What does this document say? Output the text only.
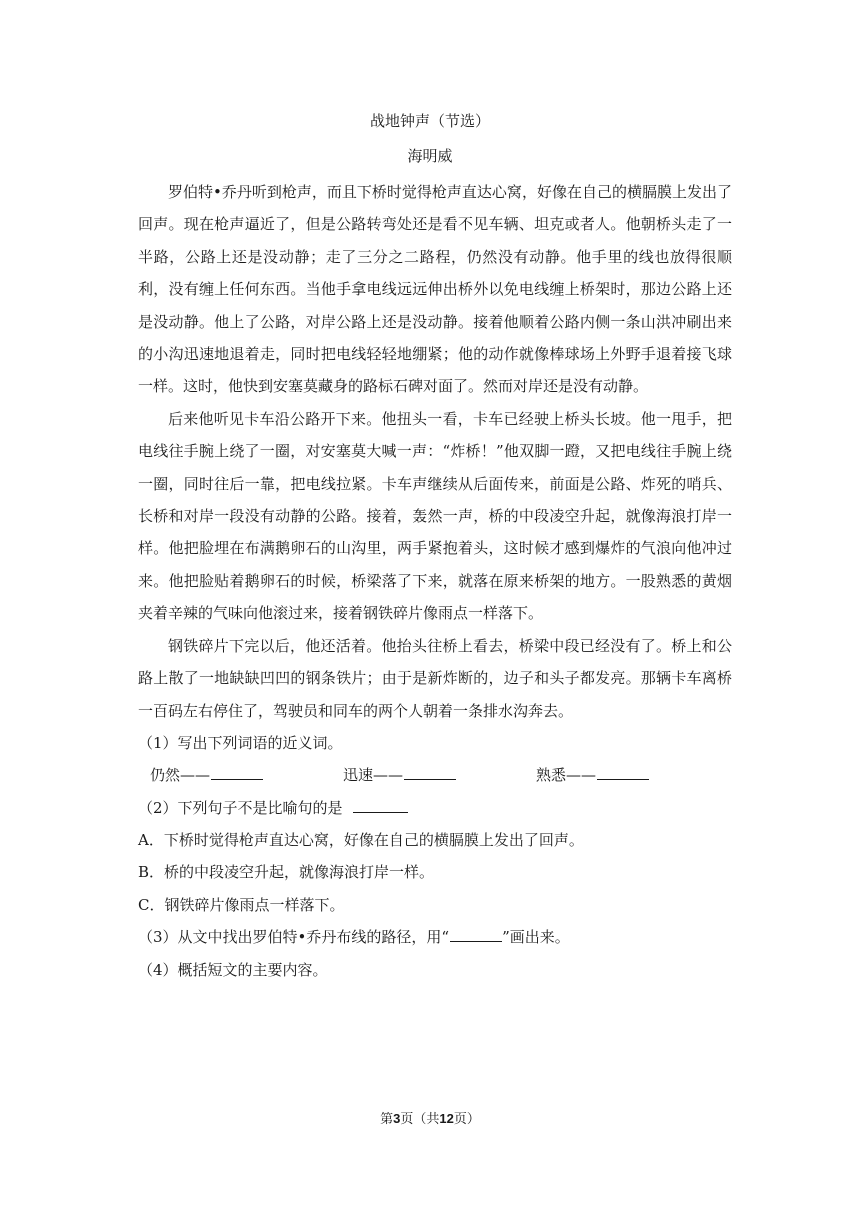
战地钟声（节选）
海明威

罗伯特•乔丹听到枪声，而且下桥时觉得枪声直达心窝，好像在自己的横膈膜上发出了回声。现在枪声逼近了，但是公路转弯处还是看不见车辆、坦克或者人。他朝桥头走了一半路，公路上还是没动静；走了三分之二路程，仍然没有动静。他手里的线也放得很顺利，没有缠上任何东西。当他手拿电线远远伸出桥外以免电线缠上桥架时，那边公路上还是没动静。他上了公路，对岸公路上还是没动静。接着他顺着公路内侧一条山洪冲刷出来的小沟迅速地退着走，同时把电线轻轻地绷紧；他的动作就像棒球场上外野手退着接飞球一样。这时，他快到安塞莫藏身的路标石碑对面了。然而对岸还是没有动静。

后来他听见卡车沿公路开下来。他扭头一看，卡车已经驶上桥头长坡。他一甩手，把电线往手腕上绕了一圈，对安塞莫大喊一声：“炸桥！”他双脚一蹬，又把电线往手腕上绕一圈，同时往后一靠，把电线拉紧。卡车声继续从后面传来，前面是公路、炸死的哨兵、长桥和对岸一段没有动静的公路。接着，轰然一声，桥的中段凌空升起，就像海浪打岸一样。他把脸埋在布满鹅卵石的山沟里，两手紧抱着头，这时候才感到爆炸的气浪向他冲过来。他把脸贴着鹅卵石的时候，桥梁落了下来，就落在原来桥架的地方。一股熟悉的黄烟夹着辛辣的气味向他滚过来，接着钢铁碎片像雨点一样落下。

钢铁碎片下完以后，他还活着。他抬头往桥上看去，桥梁中段已经没有了。桥上和公路上散了一地缺缺凹凹的钢条铁片；由于是新炸断的，边子和头子都发亮。那辆卡车离桥一百码左右停住了，驾驶员和同车的两个人朝着一条排水沟奔去。

（1）写出下列词语的近义词。

仍然——	迅速——	熟悉——

（2）下列句子不是比喻句的是

A．下桥时觉得枪声直达心窝，好像在自己的横膈膜上发出了回声。

B．桥的中段凌空升起，就像海浪打岸一样。

C．钢铁碎片像雨点一样落下。

（3）从文中找出罗伯特•乔丹布线的路径，用“	”画出来。

（4）概括短文的主要内容。

第3页（共12页）
